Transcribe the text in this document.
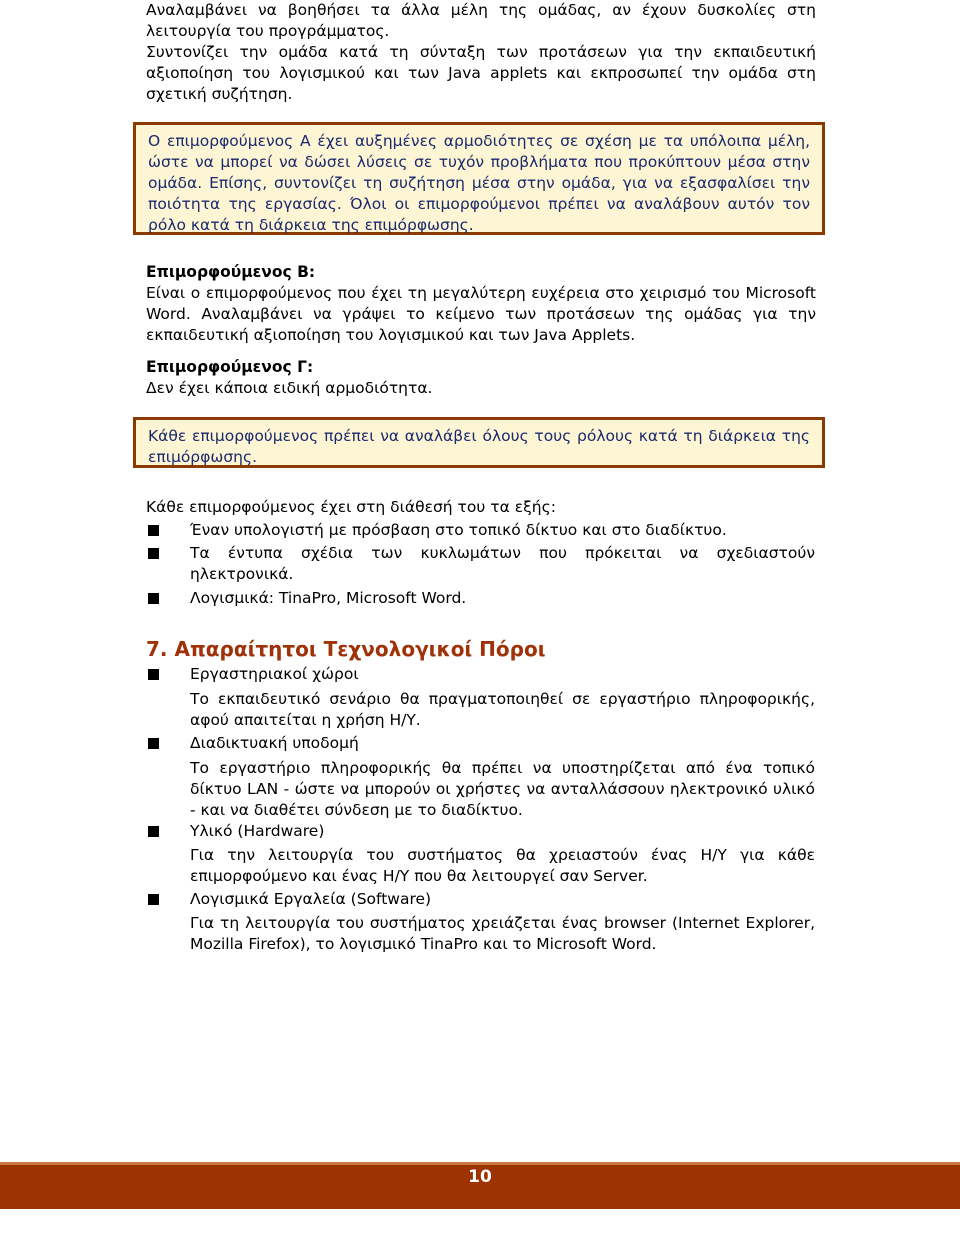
Αναλαμβάνει να βοηθήσει τα άλλα μέλη της ομάδας, αν έχουν δυσκολίες στη λειτουργία του προγράμματος.

Συντονίζει την ομάδα κατά τη σύνταξη των προτάσεων για την εκπαιδευτική αξιοποίηση του λογισμικού και των Java applets και εκπροσωπεί την ομάδα στη σχετική συζήτηση.

Ο επιμορφούμενος Α έχει αυξημένες αρμοδιότητες σε σχέση με τα υπόλοιπα μέλη, ώστε να μπορεί να δώσει λύσεις σε τυχόν προβλήματα που προκύπτουν μέσα στην ομάδα. Επίσης, συντονίζει τη συζήτηση μέσα στην ομάδα, για να εξασφαλίσει την ποιότητα της εργασίας. Όλοι οι επιμορφούμενοι πρέπει να αναλάβουν αυτόν τον ρόλο κατά τη διάρκεια της επιμόρφωσης.

Επιμορφούμενος Β:

Είναι ο επιμορφούμενος που έχει τη μεγαλύτερη ευχέρεια στο χειρισμό του Microsoft Word. Αναλαμβάνει να γράψει το κείμενο των προτάσεων της ομάδας για την εκπαιδευτική αξιοποίηση του λογισμικού και των Java Applets.

Επιμορφούμενος Γ:

Δεν έχει κάποια ειδική αρμοδιότητα.

Κάθε επιμορφούμενος πρέπει να αναλάβει όλους τους ρόλους κατά τη διάρκεια της επιμόρφωσης.

Κάθε επιμορφούμενος έχει στη διάθεσή του τα εξής:

Έναν υπολογιστή με πρόσβαση στο τοπικό δίκτυο και στο διαδίκτυο.

Τα έντυπα σχέδια των κυκλωμάτων που πρόκειται να σχεδιαστούν ηλεκτρονικά.

Λογισμικά: TinaPro, Microsoft Word.

7. Απαραίτητοι Τεχνολογικοί Πόροι

Εργαστηριακοί χώροι

Το εκπαιδευτικό σενάριο θα πραγματοποιηθεί σε εργαστήριο πληροφορικής, αφού απαιτείται η χρήση Η/Υ.

Διαδικτυακή υποδομή

Το εργαστήριο πληροφορικής θα πρέπει να υποστηρίζεται από ένα τοπικό δίκτυο LAN - ώστε να μπορούν οι χρήστες να ανταλλάσσουν ηλεκτρονικό υλικό - και να διαθέτει σύνδεση με το διαδίκτυο.

Υλικό (Hardware)

Για την λειτουργία του συστήματος θα χρειαστούν ένας Η/Υ για κάθε επιμορφούμενο και ένας Η/Υ που θα λειτουργεί σαν Server.

Λογισμικά Εργαλεία (Software)

Για τη λειτουργία του συστήματος χρειάζεται ένας browser (Internet Explorer, Mozilla Firefox), το λογισμικό TinaPro και το Microsoft Word.

10
